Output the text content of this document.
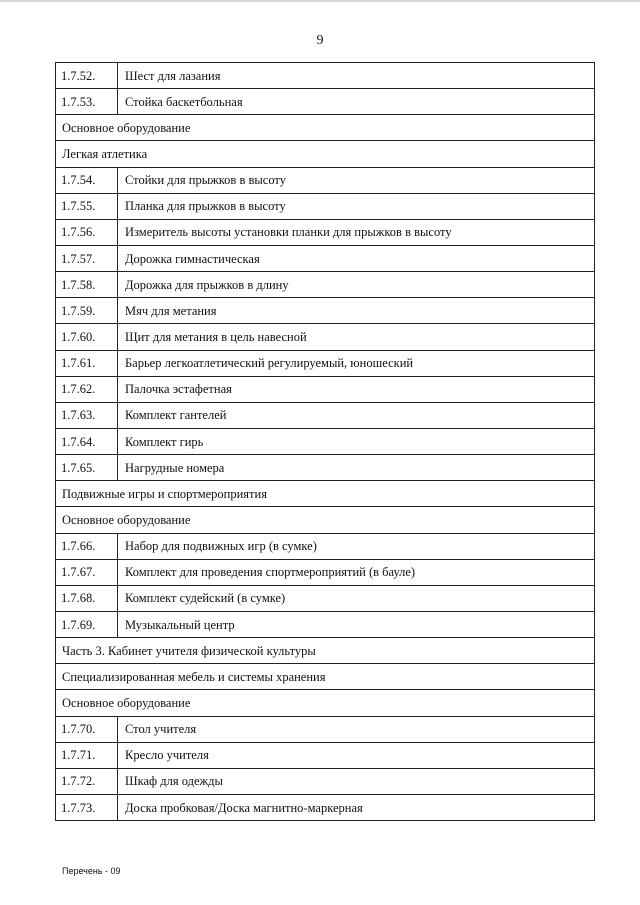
9
1.7.52.	Шест для лазания
1.7.53.	Стойка баскетбольная
Основное оборудование	
Легкая атлетика	
1.7.54.	Стойки для прыжков в высоту
1.7.55.	Планка для прыжков в высоту
1.7.56.	Измеритель высоты установки планки для прыжков в высоту
1.7.57.	Дорожка гимнастическая
1.7.58.	Дорожка для прыжков в длину
1.7.59.	Мяч для метания
1.7.60.	Щит для метания в цель навесной
1.7.61.	Барьер легкоатлетический регулируемый, юношеский
1.7.62.	Палочка эстафетная
1.7.63.	Комплект гантелей
1.7.64.	Комплект гирь
1.7.65.	Нагрудные номера
Подвижные игры и спортмероприятия	
Основное оборудование	
1.7.66.	Набор для подвижных игр (в сумке)
1.7.67.	Комплект для проведения спортмероприятий (в бауле)
1.7.68.	Комплект судейский (в сумке)
1.7.69.	Музыкальный центр
Часть 3. Кабинет учителя физической культуры	
Специализированная мебель и системы хранения	
Основное оборудование	
1.7.70.	Стол учителя
1.7.71.	Кресло учителя
1.7.72.	Шкаф для одежды
1.7.73.	Доска пробковая/Доска магнитно-маркерная
Перечень - 09
